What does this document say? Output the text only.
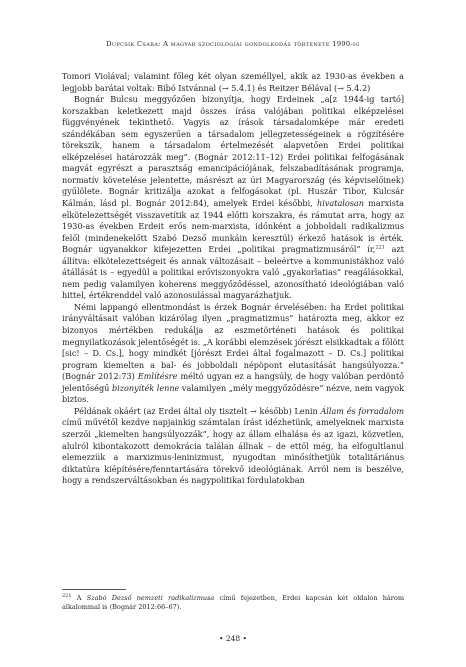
Dupcsik Csaba: A magyar szociológiai gondolkodás története 1990-ig

Tomori Violával; valamint főleg két olyan személlyel, akik az 1930-as években a legjobb barátai voltak: Bibó Istvánnal (→ 5.4.1) és Reitzer Bélával (→ 5.4.2)

Bognár Bulcsu meggyőzően bizonyítja, hogy Erdeinek „a[z 1944-ig tartó] korszakban keletkezett majd összes írása valójában politikai elképzelései függvényének tekinthető. Vagyis az írások társadalomképe már eredeti szándékában sem egyszerűen a társadalom jellegzetességeinek a rögzítésére törekszik, hanem a társadalom értelmezését alapvetően Erdei politikai elképzelései határozzák meg”. (Bognár 2012:11–12) Erdei politikai felfogásának magvát egyrészt a parasztság emancipációjának, felszabadításának programja, normatív követelése jelentette, másrészt az úri Magyarország (és képviselőinek) gyűlölete. Bognár kritizálja azokat a felfogásokat (pl. Huszár Tibor, Kulcsár Kálmán, lásd pl. Bognár 2012:84), amelyek Erdei későbbi, hivatalosan marxista elkötelezettségét visszavetítik az 1944 előtti korszakra, és rámutat arra, hogy az 1930-as években Erdeit erős nem-marxista, időnként a jobboldali radikalizmus felől (mindenekelőtt Szabó Dezső munkáin keresztül) érkező hatások is érték. Bognár ugyanakkor kifejezetten Erdei „politikai pragmatizmusáról” ír,$^{221}$ azt állítva: elkötelezettségeit és annak változásait – beleértve a kommunistákhoz való átállását is – egyedül a politikai erőviszonyokra való „gyakorlatias” reagálásokkal, nem pedig valamilyen koherens meggyőződéssel, azonosítható ideológiában való hittel, értékrenddel való azonosulással magyarázhatjuk.

Némi lappangó ellentmondást is érzek Bognár érvelésében: ha Erdei politikai irányváltásait valóban kizárólag ilyen „pragmatizmus” határozta meg, akkor ez bizonyos mértékben redukálja az eszmetörténeti hatások és politikai megnyilatkozások jelentőségét is. „A korábbi elemzések jórészt elsikkadtak a főlött [sic! – D. Cs.], hogy mindkét [jórészt Erdei által fogalmazott – D. Cs.] politikai program kiemelten a bal- és jobboldali népöpont elutasítását hangsúlyozza.” (Bognár 2012:73) Említésre méltó ugyan ez a hangsúly, de hogy valóban perdöntő jelentőségű bizonyíték lenne valamilyen „mély meggyőződésre” nézve, nem vagyok biztos.

Példának okáért (az Erdei által oly tisztelt → később) Lenin Állam és forradalom című művétől kezdve napjainkig számtalan írást idézhetünk, amelyeknek marxista szerzői „kiemelten hangsúlyozzák”, hogy az állam elhalása és az igazi, közvetlen, alulról kibontakozott demokrácia találan állnak – de ettől még, ha elfogultlanul elemezzük a marxizmus-leninizmust, nyugodtan minősíthetjük totalitáriánus diktatúra kiépítésére/fenntartására törekvő ideológiának. Arról nem is beszélve, hogy a rendszerváltásokban és nagypolitikai fordulatokban

$^{221}$ A Szabó Dezső nemzeti radikalizmusa című fejezetben, Erdei kapcsán két oldalon három alkalommal is (Bognár 2012:66–67).
• 248 •
